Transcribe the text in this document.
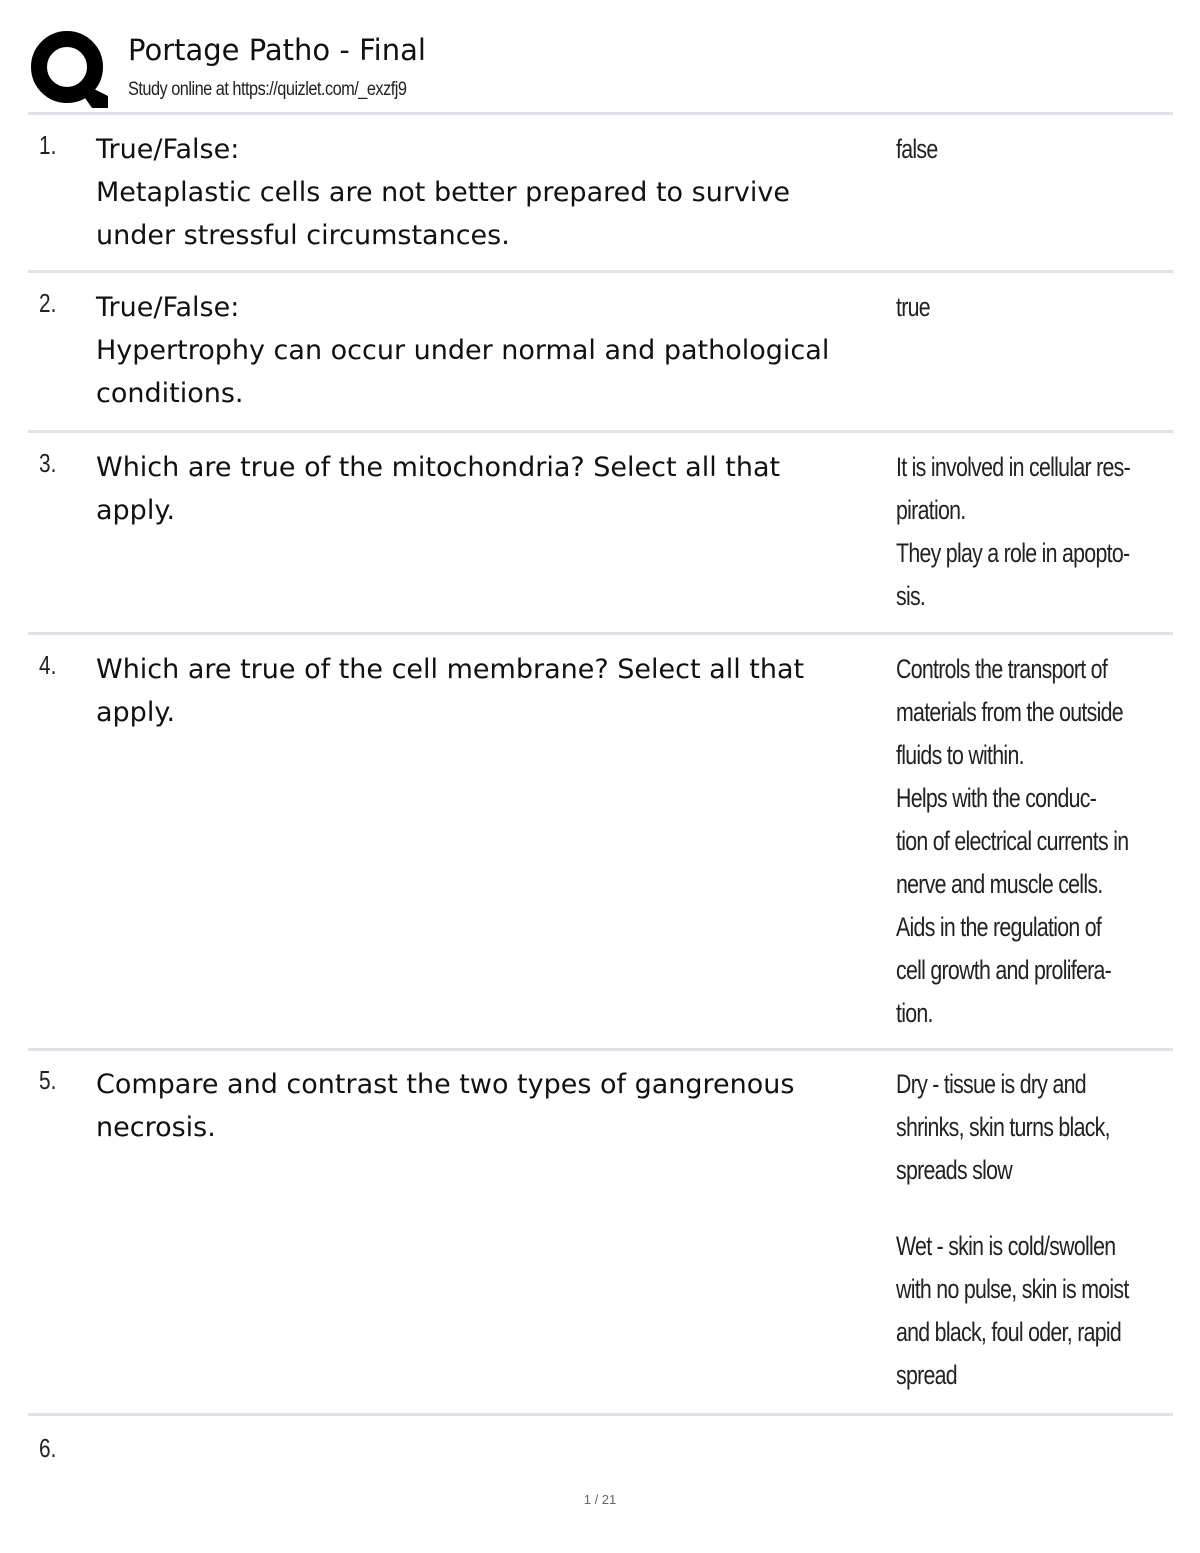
Portage Patho - Final
Study online at https://quizlet.com/_exzfj9
1. True/False:
Metaplastic cells are not better prepared to survive
under stressful circumstances.
false
2. True/False:
Hypertrophy can occur under normal and pathological
conditions.
true
3. Which are true of the mitochondria? Select all that
apply.
It is involved in cellular res-
piration.
They play a role in apopto-
sis.
4. Which are true of the cell membrane? Select all that
apply.
Controls the transport of
materials from the outside
fluids to within.
Helps with the conduc-
tion of electrical currents in
nerve and muscle cells.
Aids in the regulation of
cell growth and prolifera-
tion.
5. Compare and contrast the two types of gangrenous
necrosis.
Dry - tissue is dry and
shrinks, skin turns black,
spreads slow
Wet - skin is cold/swollen
with no pulse, skin is moist
and black, foul oder, rapid
spread
6.
1 / 21
